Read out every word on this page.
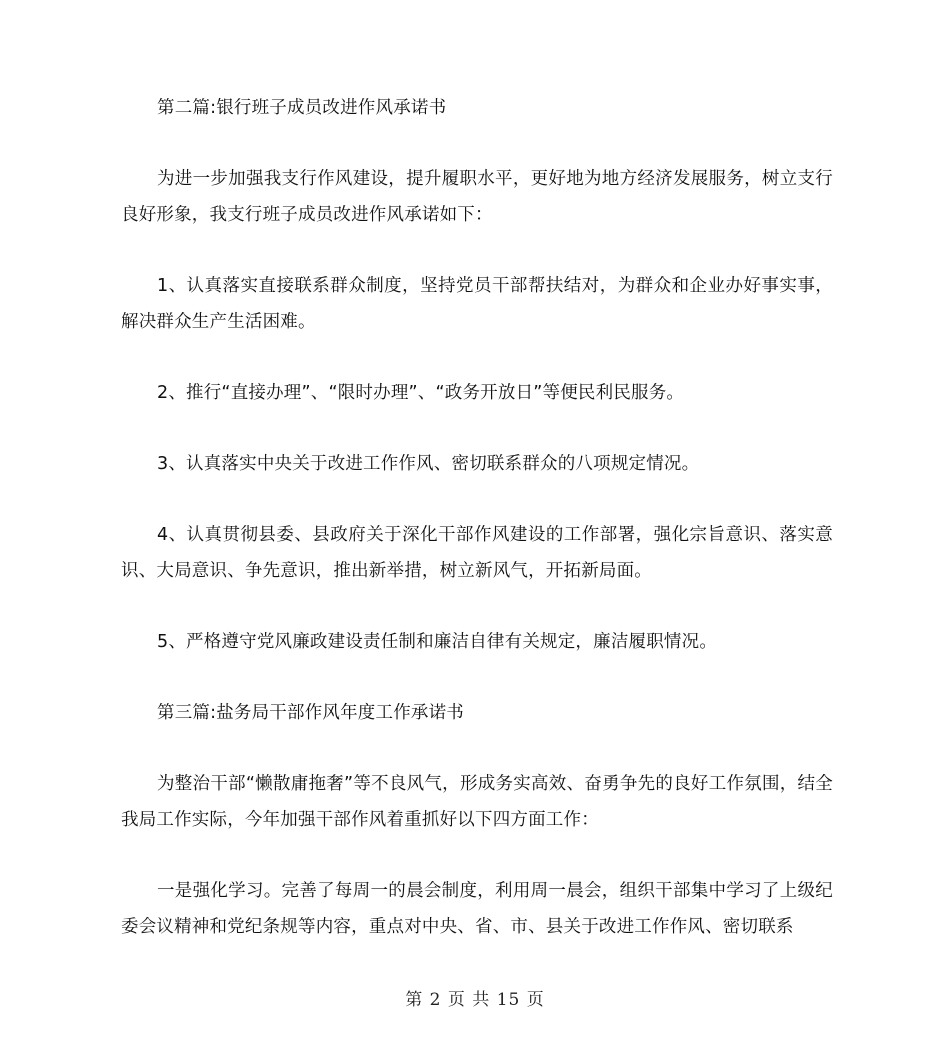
第二篇:银行班子成员改进作风承诺书

为进一步加强我支行作风建设，提升履职水平，更好地为地方经济发展服务，树立支行良好形象，我支行班子成员改进作风承诺如下：

1、认真落实直接联系群众制度，坚持党员干部帮扶结对，为群众和企业办好事实事，解决群众生产生活困难。

2、推行“直接办理”、“限时办理”、“政务开放日”等便民利民服务。

3、认真落实中央关于改进工作作风、密切联系群众的八项规定情况。

4、认真贯彻县委、县政府关于深化干部作风建设的工作部署，强化宗旨意识、落实意识、大局意识、争先意识，推出新举措，树立新风气，开拓新局面。

5、严格遵守党风廉政建设责任制和廉洁自律有关规定，廉洁履职情况。

第三篇:盐务局干部作风年度工作承诺书

为整治干部“懒散庸拖奢”等不良风气，形成务实高效、奋勇争先的良好工作氛围，结全我局工作实际，今年加强干部作风着重抓好以下四方面工作：

一是强化学习。完善了每周一的晨会制度，利用周一晨会，组织干部集中学习了上级纪委会议精神和党纪条规等内容，重点对中央、省、市、县关于改进工作作风、密切联系

第 2 页 共 15 页
